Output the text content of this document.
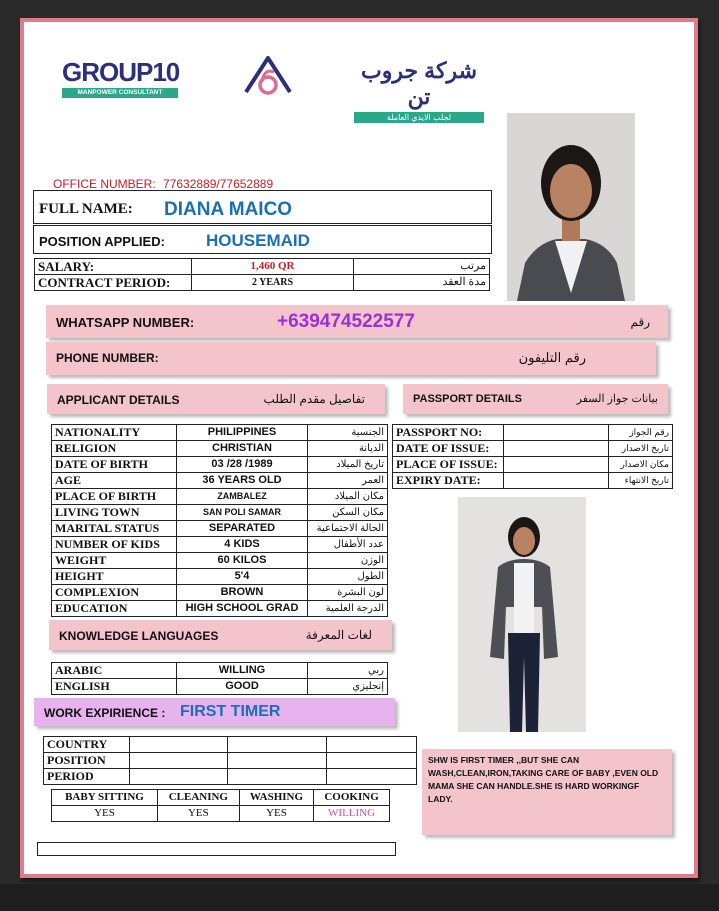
GROUP10
MANPOWER CONSULTANT
شركة جروب تن
لجلب الايدي العاملة
OFFICE NUMBER: 77632889/77652889
FULL NAME: DIANA MAICO
POSITION APPLIED: HOUSEMAID
SALARY:	1,460 QR	مرتب
CONTRACT PERIOD:	2 YEARS	مدة العقد
WHATSAPP NUMBER:	+639474522577	رقم
PHONE NUMBER:	رقم التليفون
APPLICANT DETAILS	تفاصيل مقدم الطلب	PASSPORT DETAILS	بيانات جواز السفر
NATIONALITY	PHILIPPINES	الجنسية
RELIGION	CHRISTIAN	الديانة
DATE OF BIRTH	03 /28 /1989	تاريخ الميلاد
AGE	36 YEARS OLD	العمر
PLACE OF BIRTH	ZAMBALEZ	مكان الميلاد
LIVING TOWN	SAN POLI SAMAR	مكان السكن
MARITAL STATUS	SEPARATED	الحالة الاجتماعية
NUMBER OF KIDS	4 KIDS	عدد الأطفال
WEIGHT	60 KILOS	الوزن
HEIGHT	5'4	الطول
COMPLEXION	BROWN	لون البشرة
EDUCATION	HIGH SCHOOL GRAD	الدرجة العلمية
PASSPORT NO:		رقم الجواز
DATE OF ISSUE:		تاريخ الاصدار
PLACE OF ISSUE:		مكان الاصدار
EXPIRY DATE:		تاريخ الانتهاء
KNOWLEDGE LANGUAGES	لغات المعرفة
ARABIC	WILLING	ربي
ENGLISH	GOOD	إنجليزي
WORK EXPIRIENCE : FIRST TIMER
COUNTRY			
POSITION			
PERIOD			
BABY SITTING	CLEANING	WASHING	COOKING
YES	YES	YES	WILLING
SHW IS FIRST TIMER ,,BUT SHE CAN WASH,CLEAN,IRON,TAKING CARE OF BABY ,EVEN OLD MAMA SHE CAN HANDLE.SHE IS HARD WORKINGF LADY.
